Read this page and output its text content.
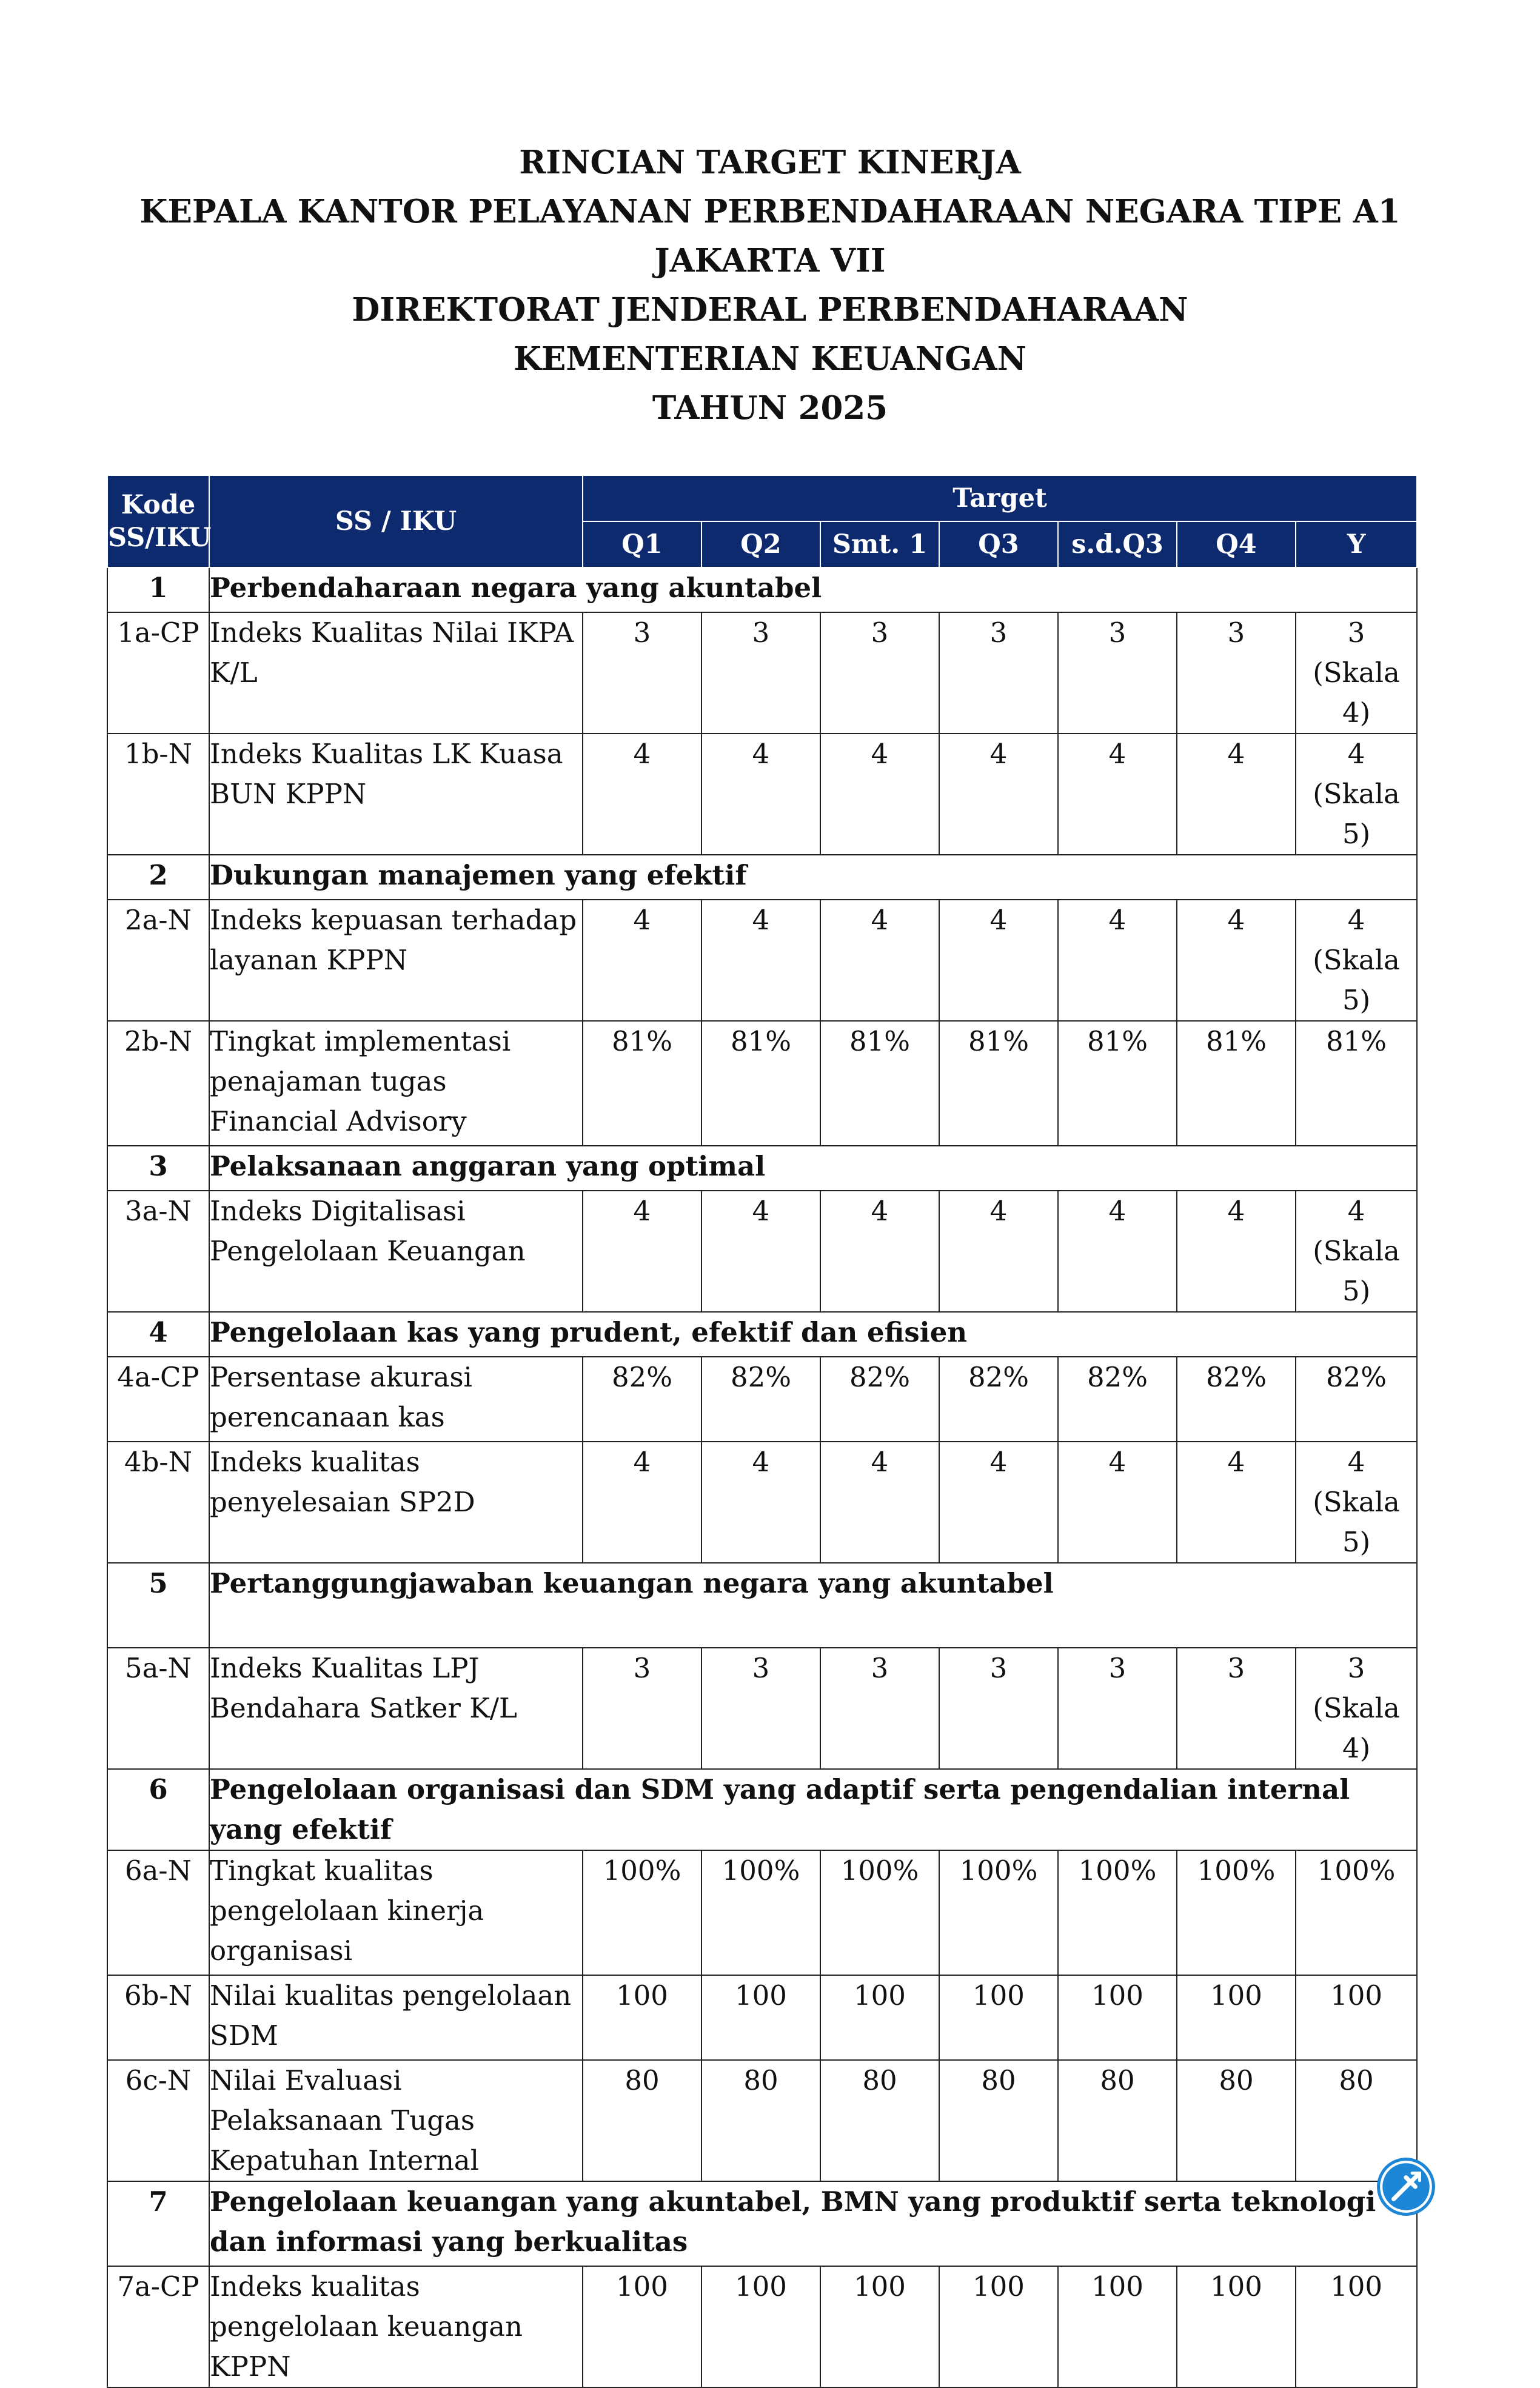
RINCIAN TARGET KINERJA
KEPALA KANTOR PELAYANAN PERBENDAHARAAN NEGARA TIPE A1
JAKARTA VII
DIREKTORAT JENDERAL PERBENDAHARAAN
KEMENTERIAN KEUANGAN
TAHUN 2025
Kode
SS/IKU	SS / IKU	Target						
		Q1	Q2	Smt. 1	Q3	s.d.Q3	Q4	Y
1	Perbendaharaan negara yang akuntabel							
1a-CP	Indeks Kualitas Nilai IKPA K/L	3	3	3	3	3	3	3
(Skala 4)
1b-N	Indeks Kualitas LK Kuasa BUN KPPN	4	4	4	4	4	4	4
(Skala 5)
2	Dukungan manajemen yang efektif							
2a-N	Indeks kepuasan terhadap layanan KPPN	4	4	4	4	4	4	4
(Skala 5)
2b-N	Tingkat implementasi penajaman tugas Financial Advisory	81%	81%	81%	81%	81%	81%	81%
3	Pelaksanaan anggaran yang optimal							
3a-N	Indeks Digitalisasi Pengelolaan Keuangan	4	4	4	4	4	4	4
(Skala 5)
4	Pengelolaan kas yang prudent, efektif dan efisien							
4a-CP	Persentase akurasi perencanaan kas	82%	82%	82%	82%	82%	82%	82%
4b-N	Indeks kualitas penyelesaian SP2D	4	4	4	4	4	4	4
(Skala 5)
5	Pertanggungjawaban keuangan negara yang akuntabel							
5a-N	Indeks Kualitas LPJ Bendahara Satker K/L	3	3	3	3	3	3	3
(Skala 4)
6	Pengelolaan organisasi dan SDM yang adaptif serta pengendalian internal yang efektif							
6a-N	Tingkat kualitas pengelolaan kinerja organisasi	100%	100%	100%	100%	100%	100%	100%
6b-N	Nilai kualitas pengelolaan SDM	100	100	100	100	100	100	100
6c-N	Nilai Evaluasi Pelaksanaan Tugas Kepatuhan Internal	80	80	80	80	80	80	80
7	Pengelolaan keuangan yang akuntabel, BMN yang produktif serta teknologi dan informasi yang berkualitas							
7a-CP	Indeks kualitas pengelolaan keuangan KPPN	100	100	100	100	100	100	100
